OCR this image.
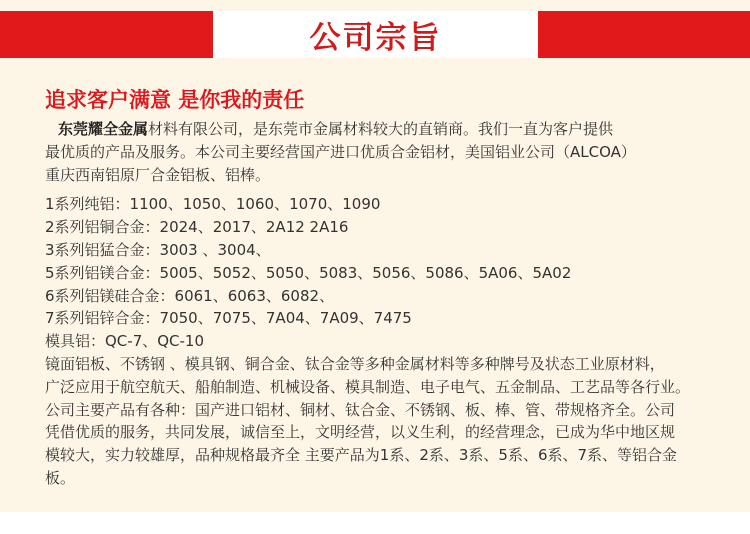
公司宗旨
追求客户满意 是你我的责任
东莞耀全金属材料有限公司，是东莞市金属材料较大的直销商。我们一直为客户提供
最优质的产品及服务。本公司主要经营国产进口优质合金铝材，美国铝业公司（ALCOA）
重庆西南铝原厂合金铝板、铝棒。
1系列纯铝：1100、1050、1060、1070、1090
2系列铝铜合金：2024、2017、2A12 2A16
3系列铝猛合金：3003 、3004、
5系列铝镁合金：5005、5052、5050、5083、5056、5086、5A06、5A02
6系列铝镁硅合金：6061、6063、6082、
7系列铝锌合金：7050、7075、7A04、7A09、7475
模具铝：QC-7、QC-10
镜面铝板、不锈钢 、模具钢、铜合金、钛合金等多种金属材料等多种牌号及状态工业原材料，
广泛应用于航空航天、船舶制造、机械设备、模具制造、电子电气、五金制品、工艺品等各行业。
公司主要产品有各种：国产进口铝材、铜材、钛合金、不锈钢、板、棒、管、带规格齐全。公司
凭借优质的服务，共同发展，诚信至上，文明经营，以义生利，的经营理念，已成为华中地区规
模较大，实力较雄厚，品种规格最齐全 主要产品为1系、2系、3系、5系、6系、7系、等铝合金
板。
